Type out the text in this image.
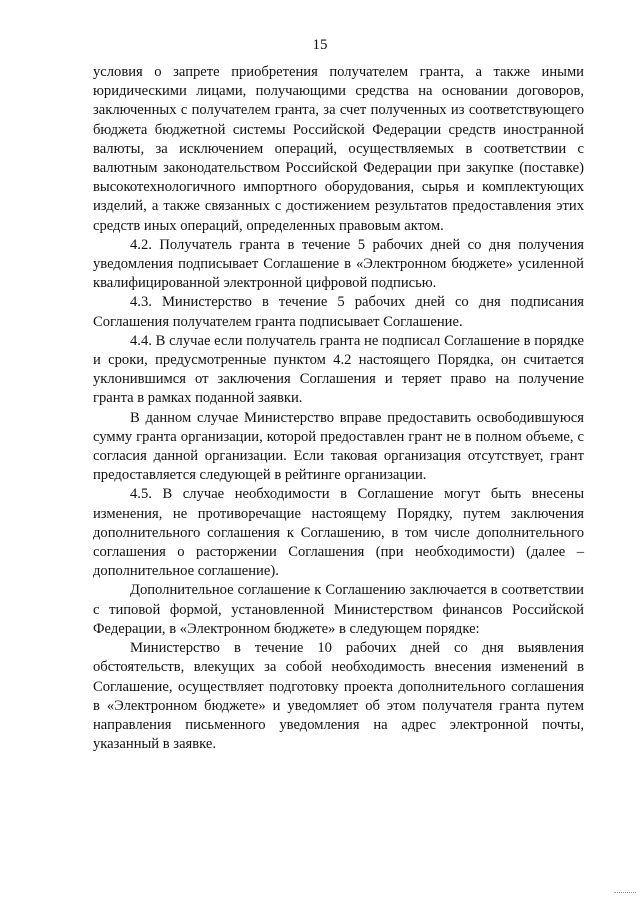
15

условия о запрете приобретения получателем гранта, а также иными юридическими лицами, получающими средства на основании договоров, заключенных с получателем гранта, за счет полученных из соответствующего бюджета бюджетной системы Российской Федерации средств иностранной валюты, за исключением операций, осуществляемых в соответствии с валютным законодательством Российской Федерации при закупке (поставке) высокотехнологичного импортного оборудования, сырья и комплектующих изделий, а также связанных с достижением результатов предоставления этих средств иных операций, определенных правовым актом.

4.2. Получатель гранта в течение 5 рабочих дней со дня получения уведомления подписывает Соглашение в «Электронном бюджете» усиленной квалифицированной электронной цифровой подписью.

4.3. Министерство в течение 5 рабочих дней со дня подписания Соглашения получателем гранта подписывает Соглашение.

4.4. В случае если получатель гранта не подписал Соглашение в порядке и сроки, предусмотренные пунктом 4.2 настоящего Порядка, он считается уклонившимся от заключения Соглашения и теряет право на получение гранта в рамках поданной заявки.

В данном случае Министерство вправе предоставить освободившуюся сумму гранта организации, которой предоставлен грант не в полном объеме, с согласия данной организации. Если таковая организация отсутствует, грант предоставляется следующей в рейтинге организации.

4.5. В случае необходимости в Соглашение могут быть внесены изменения, не противоречащие настоящему Порядку, путем заключения дополнительного соглашения к Соглашению, в том числе дополнительного соглашения о расторжении Соглашения (при необходимости) (далее – дополнительное соглашение).

Дополнительное соглашение к Соглашению заключается в соответствии с типовой формой, установленной Министерством финансов Российской Федерации, в «Электронном бюджете» в следующем порядке:

Министерство в течение 10 рабочих дней со дня выявления обстоятельств, влекущих за собой необходимость внесения изменений в Соглашение, осуществляет подготовку проекта дополнительного соглашения в «Электронном бюджете» и уведомляет об этом получателя гранта путем направления письменного уведомления на адрес электронной почты, указанный в заявке.
